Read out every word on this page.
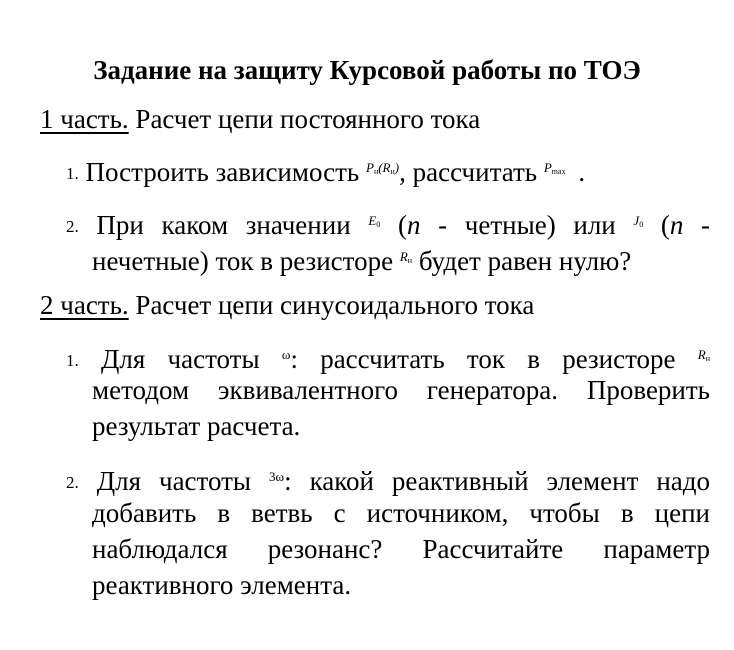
Задание на защиту Курсовой работы по ТОЭ
1 часть. Расчет цепи постоянного тока
1. Построить зависимость $^{P_н(R_н)}$, рассчитать $^{P_{max}}$ .
2. При каком значении $^{E_0}$ (n - четные) или $^{J_0}$ (n -
нечетные) ток в резисторе $^{R_н}$ будет равен нулю?
2 часть. Расчет цепи синусоидального тока
1. Для частоты $^\omega$: рассчитать ток в резисторе $^{R_н}$
методом эквивалентного генератора. Проверить
результат расчета.
2. Для частоты $^{3\omega}$: какой реактивный элемент надо
добавить в ветвь с источником, чтобы в цепи
наблюдался резонанс? Рассчитайте параметр
реактивного элемента.
